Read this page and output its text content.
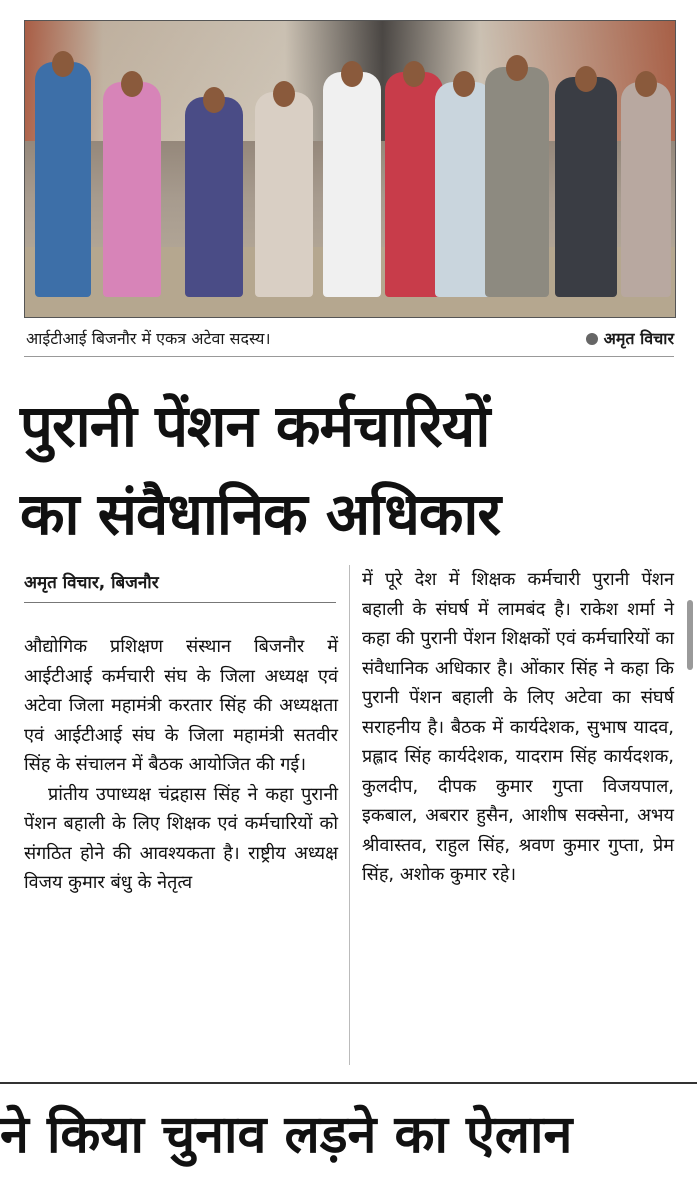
आईटीआई बिजनौर में एकत्र अटेवा सदस्य।	अमृत विचार
पुरानी पेंशन कर्मचारियों
का संवैधानिक अधिकार
अमृत विचार, बिजनौर

औद्योगिक प्रशिक्षण संस्थान बिजनौर में आईटीआई कर्मचारी संघ के जिला अध्यक्ष एवं अटेवा जिला महामंत्री करतार सिंह की अध्यक्षता एवं आईटीआई संघ के जिला महामंत्री सतवीर सिंह के संचालन में बैठक आयोजित की गई।

प्रांतीय उपाध्यक्ष चंद्रहास सिंह ने कहा पुरानी पेंशन बहाली के लिए शिक्षक एवं कर्मचारियों को संगठित होने की आवश्यकता है। राष्ट्रीय अध्यक्ष विजय कुमार बंधु के नेतृत्व

में पूरे देश में शिक्षक कर्मचारी पुरानी पेंशन बहाली के संघर्ष में लामबंद है। राकेश शर्मा ने कहा की पुरानी पेंशन शिक्षकों एवं कर्मचारियों का संवैधानिक अधिकार है। ओंकार सिंह ने कहा कि पुरानी पेंशन बहाली के लिए अटेवा का संघर्ष सराहनीय है। बैठक में कार्यदेशक, सुभाष यादव, प्रह्लाद सिंह कार्यदेशक, यादराम सिंह कार्यदशक, कुलदीप, दीपक कुमार गुप्ता विजयपाल, इकबाल, अबरार हुसैन, आशीष सक्सेना, अभय श्रीवास्तव, राहुल सिंह, श्रवण कुमार गुप्ता, प्रेम सिंह, अशोक कुमार रहे।

ने किया चुनाव लड़ने का ऐलान
